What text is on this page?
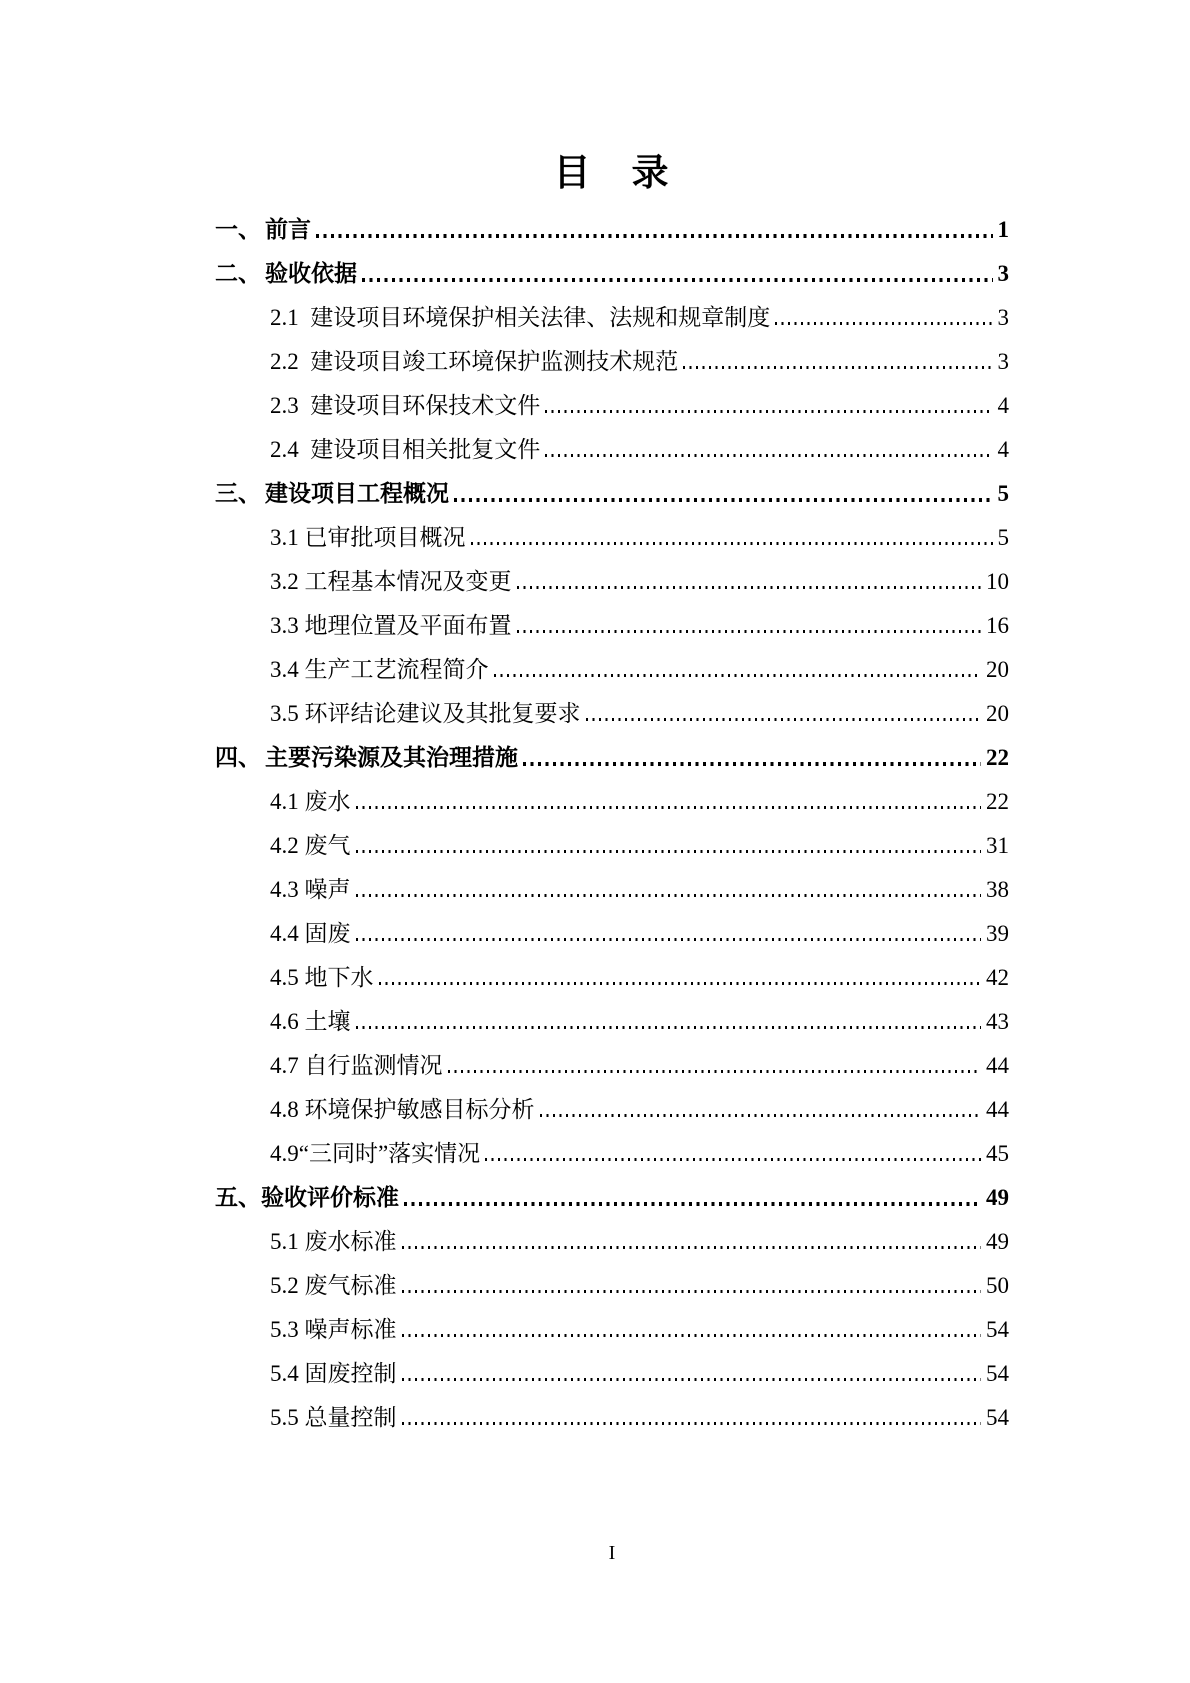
目　录
一、 前言	1
二、 验收依据	3
2.1  建设项目环境保护相关法律、法规和规章制度	3
2.2  建设项目竣工环境保护监测技术规范	3
2.3  建设项目环保技术文件	4
2.4  建设项目相关批复文件	4
三、 建设项目工程概况	5
3.1 已审批项目概况	5
3.2 工程基本情况及变更	10
3.3 地理位置及平面布置	16
3.4 生产工艺流程简介	20
3.5 环评结论建议及其批复要求	20
四、 主要污染源及其治理措施	22
4.1 废水	22
4.2 废气	31
4.3 噪声	38
4.4 固废	39
4.5 地下水	42
4.6 土壤	43
4.7 自行监测情况	44
4.8 环境保护敏感目标分析	44
4.9“三同时”落实情况	45
五、 验收评价标准	49
5.1 废水标准	49
5.2 废气标准	50
5.3 噪声标准	54
5.4 固废控制	54
5.5 总量控制	54
I
